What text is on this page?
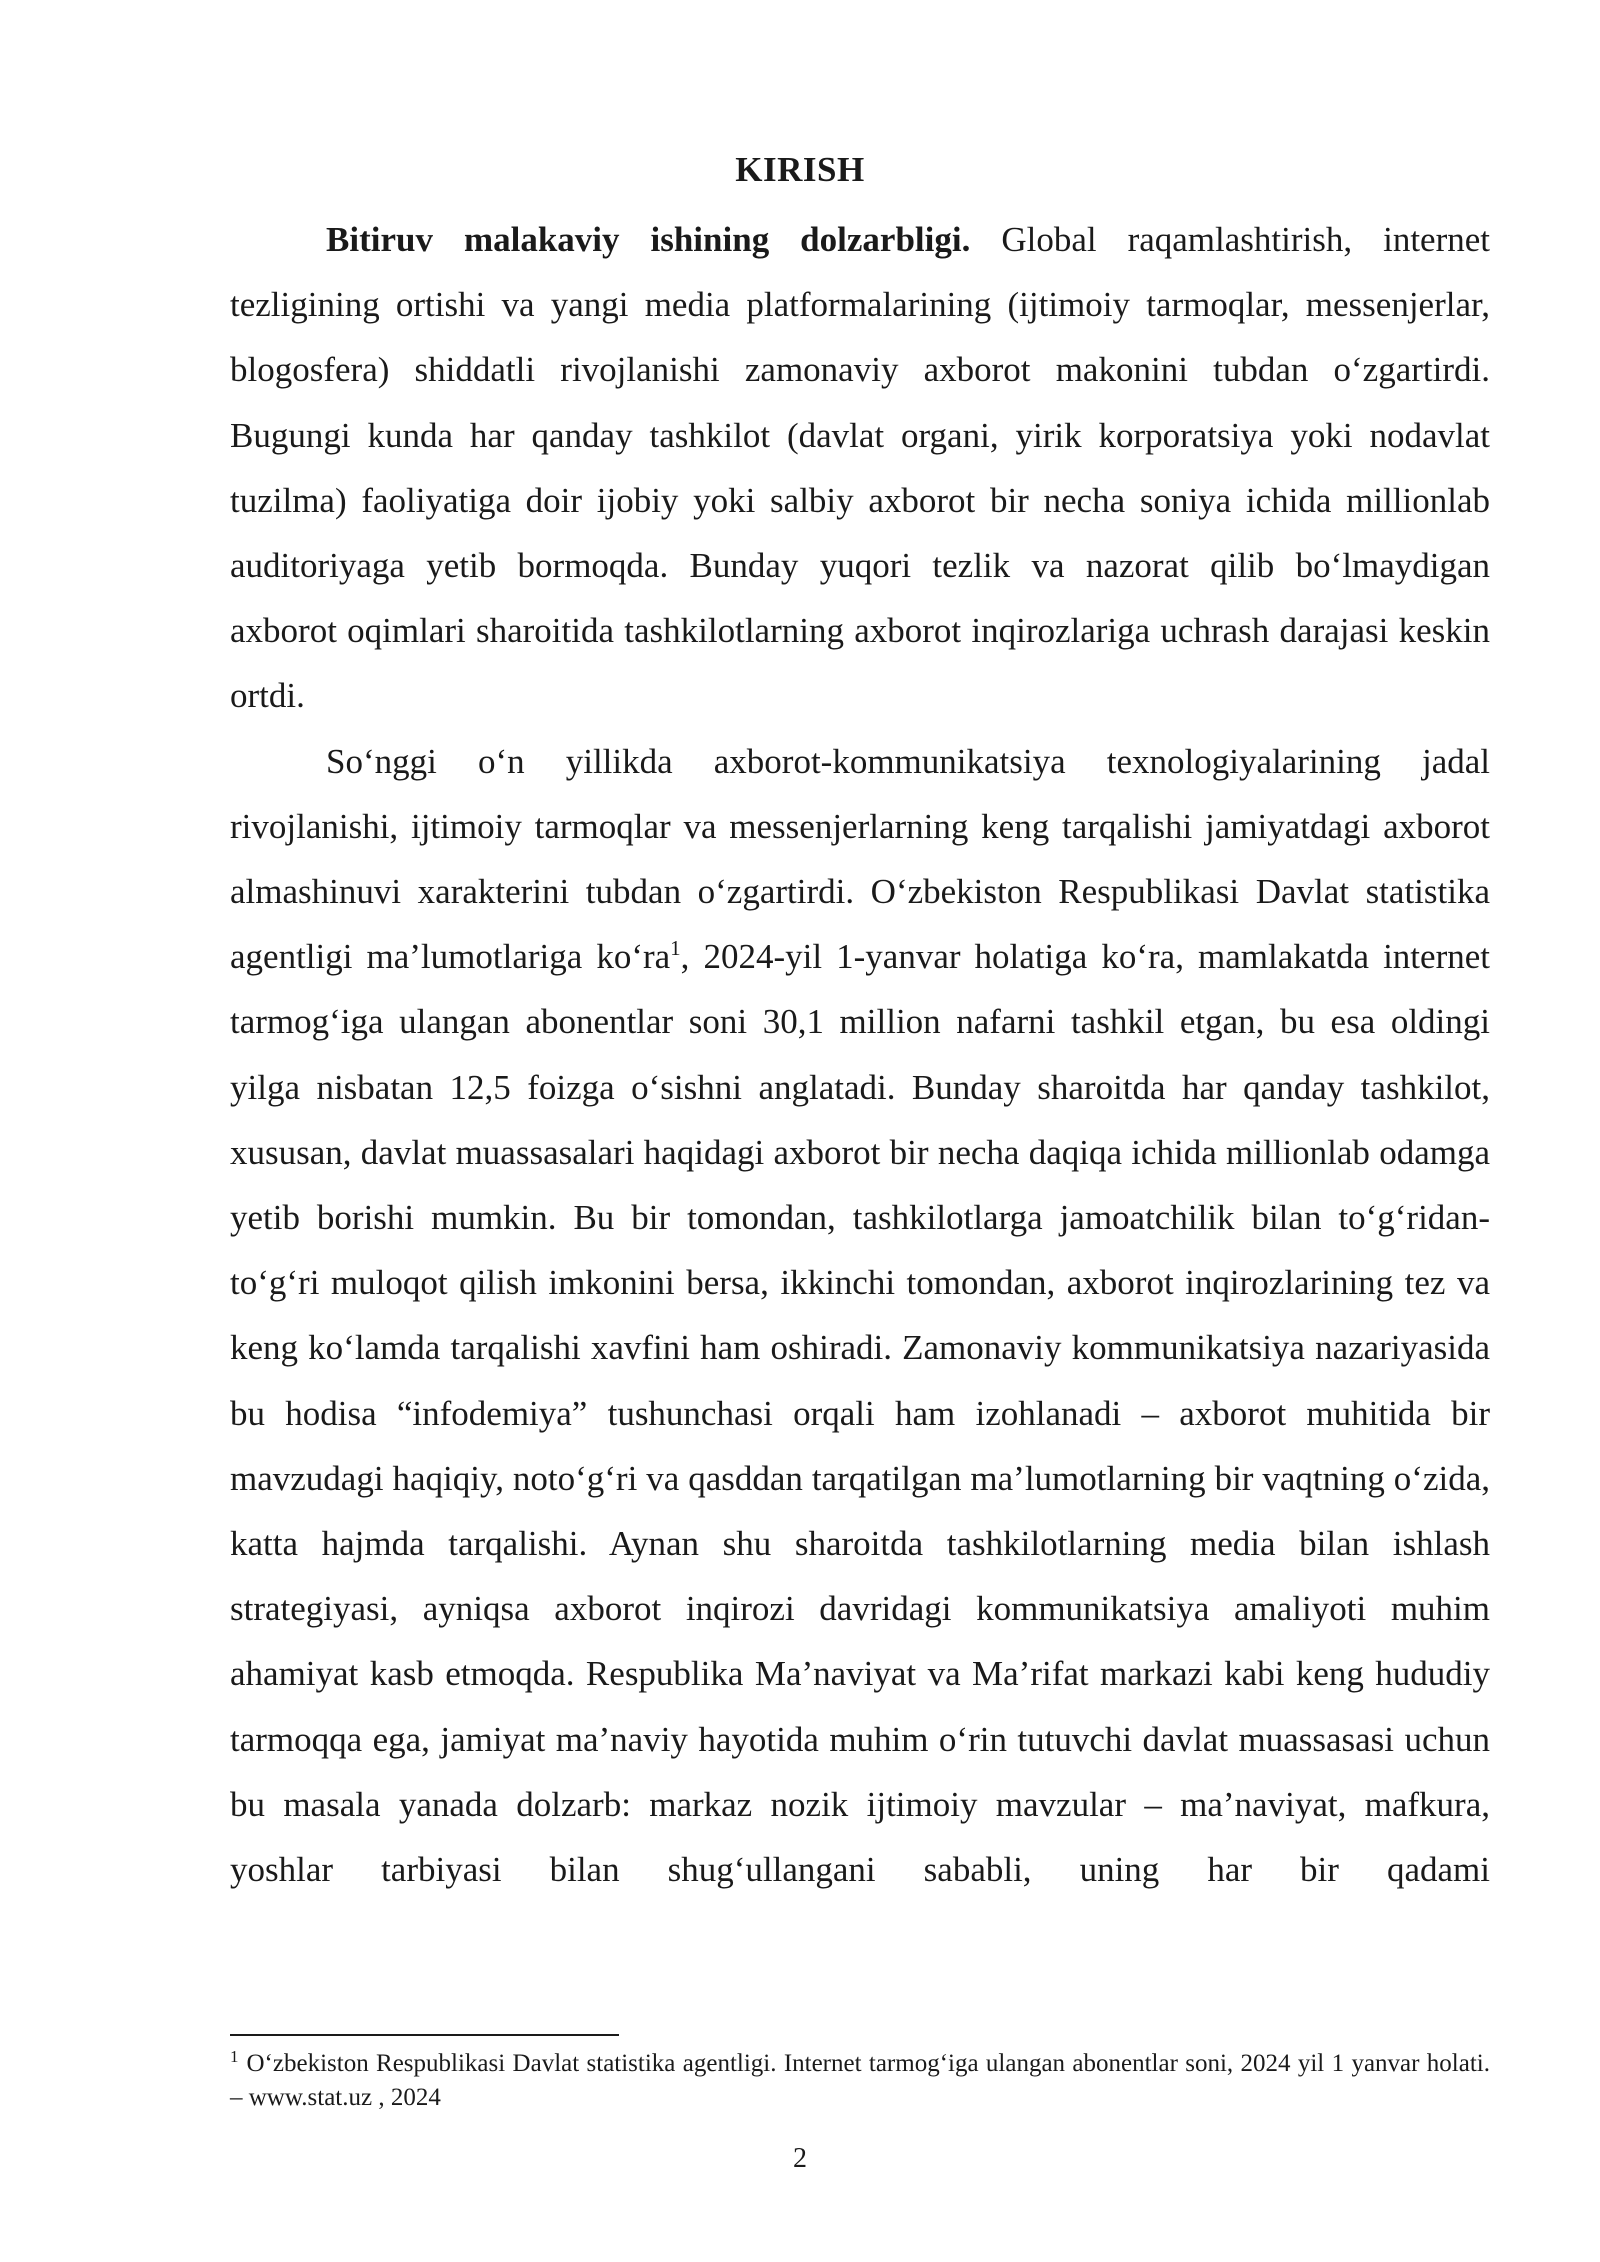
KIRISH

Bitiruv malakaviy ishining dolzarbligi. Global raqamlashtirish, internet tezligining ortishi va yangi media platformalarining (ijtimoiy tarmoqlar, messenjerlar, blogosfera) shiddatli rivojlanishi zamonaviy axborot makonini tubdan o‘zgartirdi. Bugungi kunda har qanday tashkilot (davlat organi, yirik korporatsiya yoki nodavlat tuzilma) faoliyatiga doir ijobiy yoki salbiy axborot bir necha soniya ichida millionlab auditoriyaga yetib bormoqda. Bunday yuqori tezlik va nazorat qilib bo‘lmaydigan axborot oqimlari sharoitida tashkilotlarning axborot inqirozlariga uchrash darajasi keskin ortdi.

So‘nggi o‘n yillikda axborot-kommunikatsiya texnologiyalarining jadal rivojlanishi, ijtimoiy tarmoqlar va messenjerlarning keng tarqalishi jamiyatdagi axborot almashinuvi xarakterini tubdan o‘zgartirdi. O‘zbekiston Respublikasi Davlat statistika agentligi ma’lumotlariga $ko‘ra^1$, 2024-yil 1-yanvar holatiga ko‘ra, mamlakatda internet tarmog‘iga ulangan abonentlar soni 30,1 million nafarni tashkil etgan, bu esa oldingi yilga nisbatan 12,5 foizga o‘sishni anglatadi. Bunday sharoitda har qanday tashkilot, xususan, davlat muassasalari haqidagi axborot bir necha daqiqa ichida millionlab odamga yetib borishi mumkin. Bu bir tomondan, tashkilotlarga jamoatchilik bilan to‘g‘ridan-to‘g‘ri muloqot qilish imkonini bersa, ikkinchi tomondan, axborot inqirozlarining tez va keng ko‘lamda tarqalishi xavfini ham oshiradi. Zamonaviy kommunikatsiya nazariyasida bu hodisa “infodemiya” tushunchasi orqali ham izohlanadi – axborot muhitida bir mavzudagi haqiqiy, noto‘g‘ri va qasddan tarqatilgan ma’lumotlarning bir vaqtning o‘zida, katta hajmda tarqalishi. Aynan shu sharoitda tashkilotlarning media bilan ishlash strategiyasi, ayniqsa axborot inqirozi davridagi kommunikatsiya amaliyoti muhim ahamiyat kasb etmoqda. Respublika Ma’naviyat va Ma’rifat markazi kabi keng hududiy tarmoqqa ega, jamiyat ma’naviy hayotida muhim o‘rin tutuvchi davlat muassasasi uchun bu masala yanada dolzarb: markaz nozik ijtimoiy mavzular – ma’naviyat, mafkura, yoshlar tarbiyasi bilan shug‘ullangani sababli, uning har bir qadami

$^1$ O‘zbekiston Respublikasi Davlat statistika agentligi. Internet tarmog‘iga ulangan abonentlar soni, 2024 yil 1 yanvar holati. – www.stat.uz , 2024
2
